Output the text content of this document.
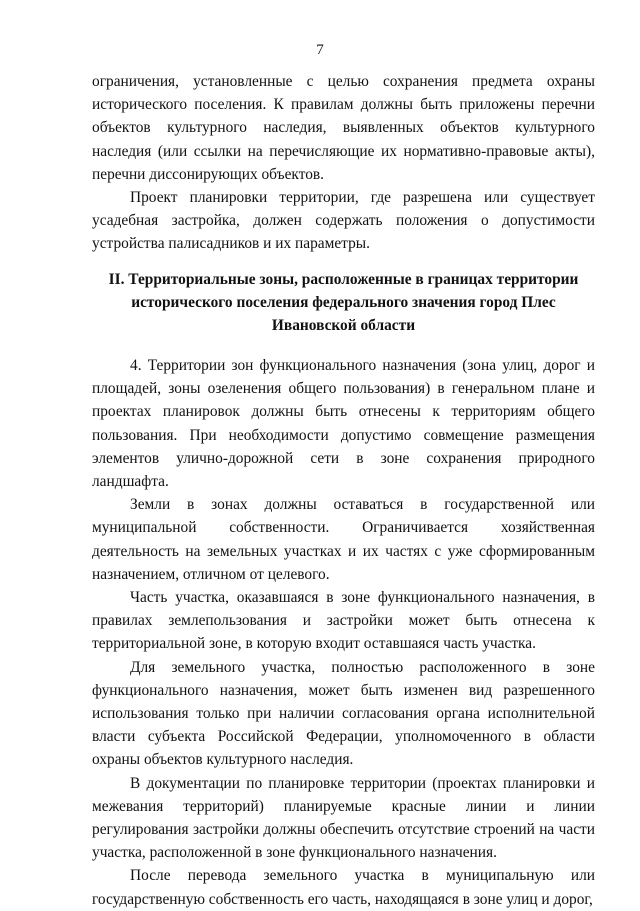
7

ограничения, установленные с целью сохранения предмета охраны исторического поселения. К правилам должны быть приложены перечни объектов культурного наследия, выявленных объектов культурного наследия (или ссылки на перечисляющие их нормативно-правовые акты), перечни диссонирующих объектов.

Проект планировки территории, где разрешена или существует усадебная застройка, должен содержать положения о допустимости устройства палисадников и их параметры.

II. Территориальные зоны, расположенные в границах территории
исторического поселения федерального значения город Плес
Ивановской области

4. Территории зон функционального назначения (зона улиц, дорог и площадей, зоны озеленения общего пользования) в генеральном плане и проектах планировок должны быть отнесены к территориям общего пользования. При необходимости допустимо совмещение размещения элементов улично-дорожной сети в зоне сохранения природного ландшафта.

Земли в зонах должны оставаться в государственной или муниципальной собственности. Ограничивается хозяйственная деятельность на земельных участках и их частях с уже сформированным назначением, отличном от целевого.

Часть участка, оказавшаяся в зоне функционального назначения, в правилах землепользования и застройки может быть отнесена к территориальной зоне, в которую входит оставшаяся часть участка.

Для земельного участка, полностью расположенного в зоне функционального назначения, может быть изменен вид разрешенного использования только при наличии согласования органа исполнительной власти субъекта Российской Федерации, уполномоченного в области охраны объектов культурного наследия.

В документации по планировке территории (проектах планировки и межевания территорий) планируемые красные линии и линии регулирования застройки должны обеспечить отсутствие строений на части участка, расположенной в зоне функционального назначения.

После перевода земельного участка в муниципальную или государственную собственность его часть, находящаяся в зоне улиц и дорог,
